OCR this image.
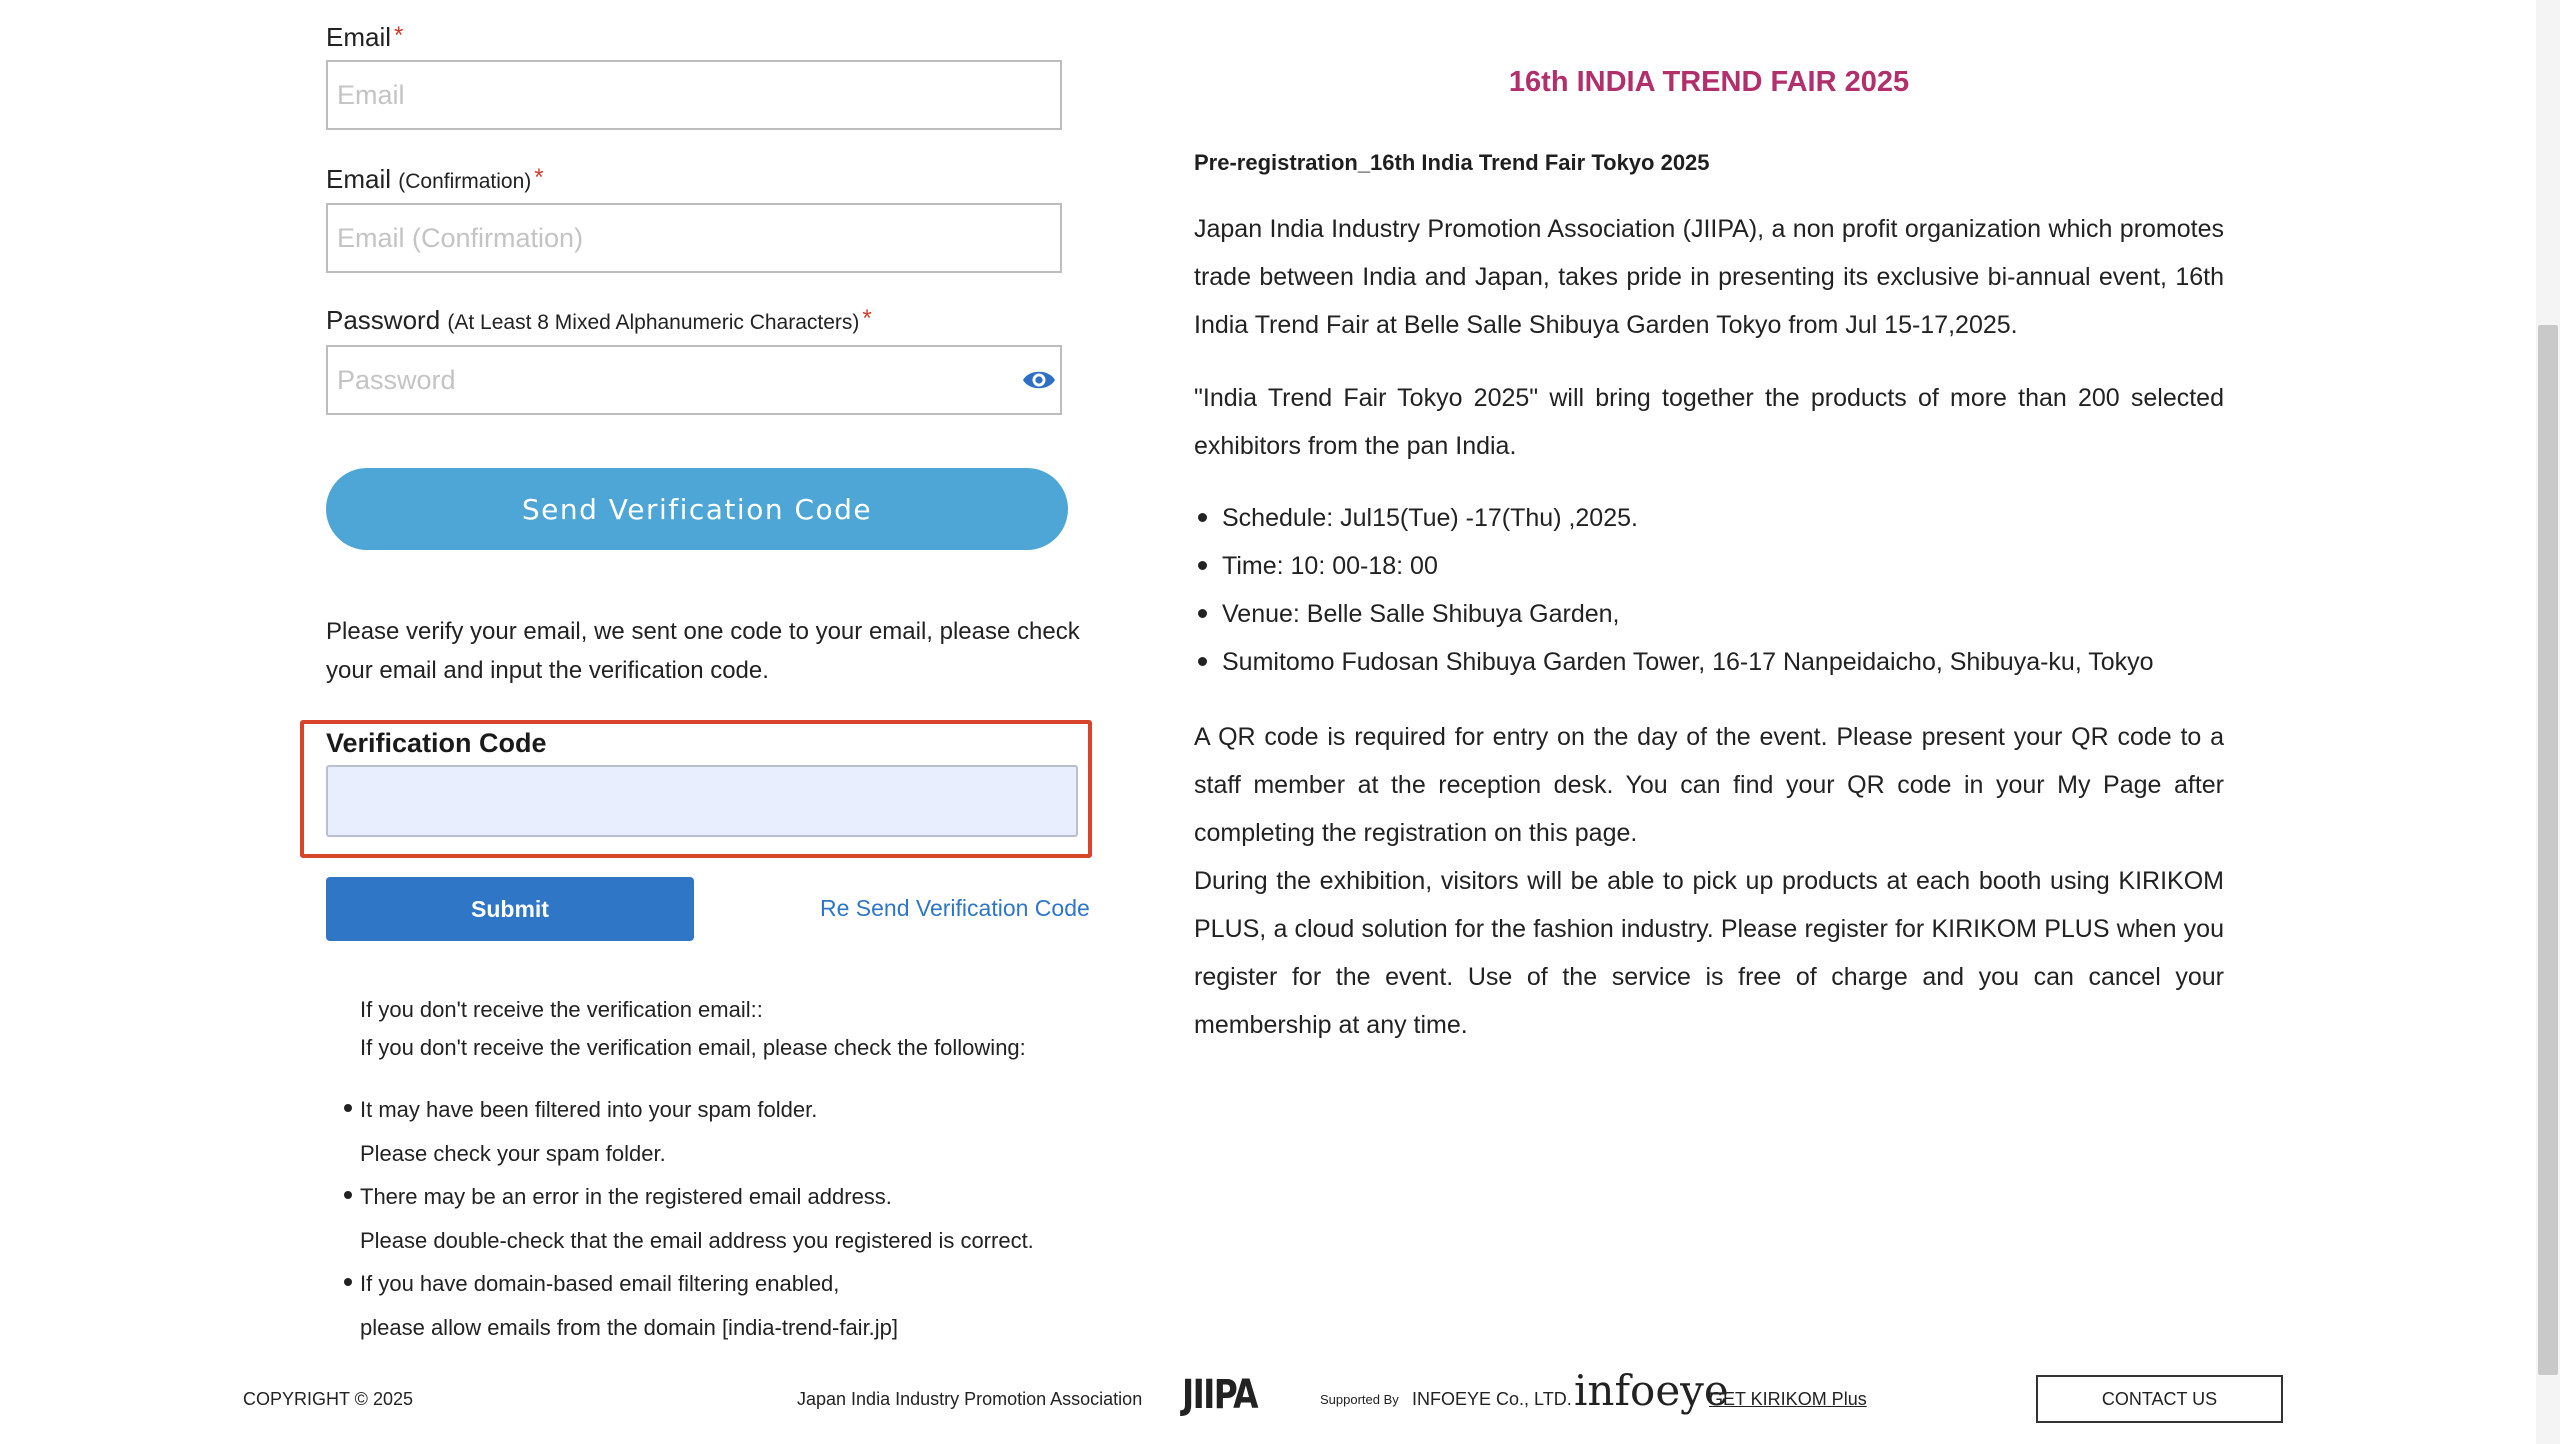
Email *
Email
Email (Confirmation) *
Email (Confirmation)
Password (At Least 8 Mixed Alphanumeric Characters) *
Send Verification Code
Please verify your email, we sent one code to your email, please check your email and input the verification code.
Verification Code
Submit	Re Send Verification Code
If you don't receive the verification email::
If you don't receive the verification email, please check the following:
It may have been filtered into your spam folder.
Please check your spam folder.
There may be an error in the registered email address.
Please double-check that the email address you registered is correct.
If you have domain-based email filtering enabled,
please allow emails from the domain [india-trend-fair.jp]
16th INDIA TREND FAIR 2025
Pre-registration_16th India Trend Fair Tokyo 2025
Japan India Industry Promotion Association (JIIPA), a non profit organization which promotes trade between India and Japan, takes pride in presenting its exclusive bi-annual event, 16th India Trend Fair at Belle Salle Shibuya Garden Tokyo from Jul 15-17,2025.
"India Trend Fair Tokyo 2025" will bring together the products of more than 200 selected exhibitors from the pan India.
Schedule: Jul15(Tue) -17(Thu) ,2025.
Time: 10: 00-18: 00
Venue: Belle Salle Shibuya Garden,
Sumitomo Fudosan Shibuya Garden Tower, 16-17 Nanpeidaicho, Shibuya-ku, Tokyo
A QR code is required for entry on the day of the event. Please present your QR code to a staff member at the reception desk. You can find your QR code in your My Page after completing the registration on this page.
During the exhibition, visitors will be able to pick up products at each booth using KIRIKOM PLUS, a cloud solution for the fashion industry. Please register for KIRIKOM PLUS when you register for the event. Use of the service is free of charge and you can cancel your membership at any time.
COPYRIGHT © 2025	Japan India Industry Promotion Association JIIPA	Supported By INFOEYE Co., LTD. infoeye
GET KIRIKOM Plus	CONTACT US
